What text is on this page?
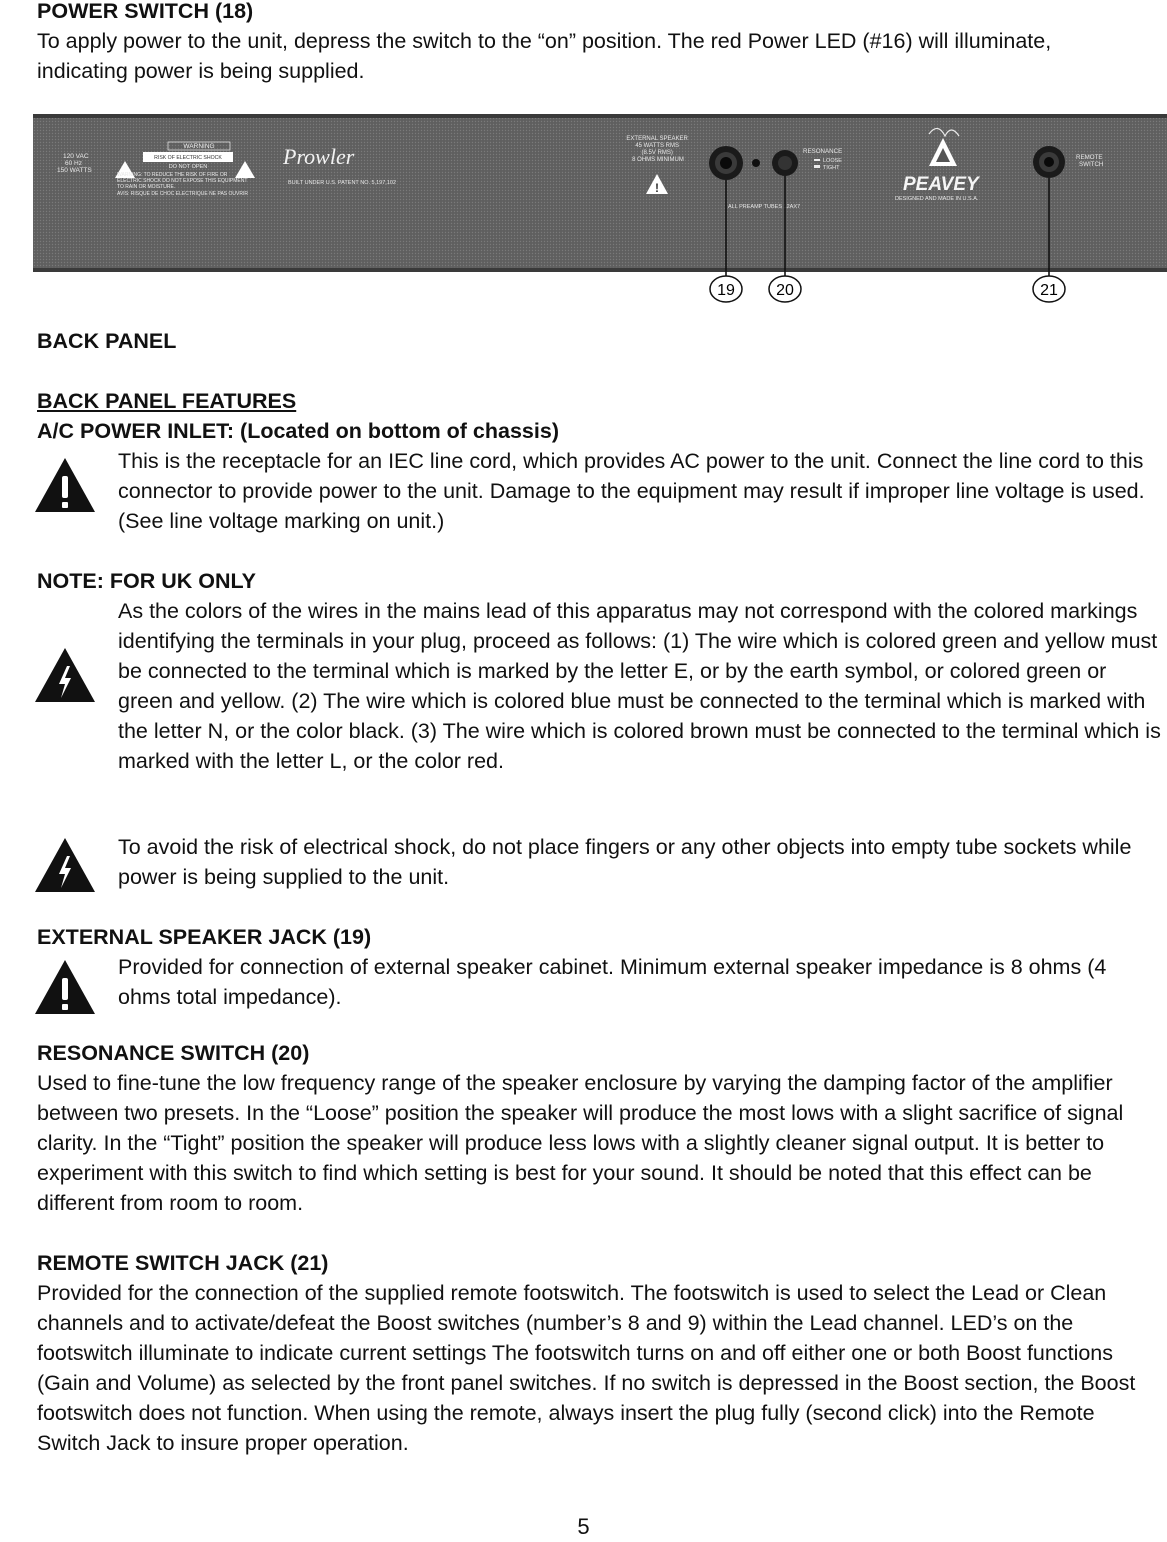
POWER SWITCH (18)

To apply power to the unit, depress the switch to the “on” position. The red Power LED (#16) will illuminate, indicating power is being supplied.

120 VAC 60 Hz 150 WATTS
WARNING
RISK OF ELECTRIC SHOCK
DO NOT OPEN
WARNING: TO REDUCE THE RISK OF FIRE OR ELECTRIC SHOCK DO NOT EXPOSE THIS EQUIPMENT TO RAIN OR MOISTURE.
AVIS: RISQUE DE CHOC ELECTRIQUE NE PAS OUVRIR
Prowler
BUILT UNDER U.S. PATENT NO. 5,197,102
EXTERNAL SPEAKER 45 WATTS RMS (8.5V RMS) 8 OHMS MINIMUM
!
ALL PREAMP TUBES 12AX7
RESONANCE
LOOSE
TIGHT
PEAVEY
DESIGNED AND MADE IN U.S.A.
REMOTE SWITCH
19	20	21

BACK PANEL

BACK PANEL FEATURES

A/C POWER INLET: (Located on bottom of chassis)

This is the receptacle for an IEC line cord, which provides AC power to the unit. Connect the line cord to this connector to provide power to the unit. Damage to the equipment may result if improper line voltage is used. (See line voltage marking on unit.)

NOTE: FOR UK ONLY

As the colors of the wires in the mains lead of this apparatus may not correspond with the colored markings identifying the terminals in your plug, proceed as follows: (1) The wire which is colored green and yellow must be connected to the terminal which is marked by the letter E, or by the earth symbol, or colored green or green and yellow. (2) The wire which is colored blue must be connected to the terminal which is marked with the letter N, or the color black. (3) The wire which is colored brown must be connected to the terminal which is marked with the letter L, or the color red.

To avoid the risk of electrical shock, do not place fingers or any other objects into empty tube sockets while power is being supplied to the unit.

EXTERNAL SPEAKER JACK (19)

Provided for connection of external speaker cabinet. Minimum external speaker impedance is 8 ohms (4 ohms total impedance).

RESONANCE SWITCH (20)

Used to fine-tune the low frequency range of the speaker enclosure by varying the damping factor of the amplifier between two presets. In the “Loose” position the speaker will produce the most lows with a slight sacrifice of signal clarity. In the “Tight” position the speaker will produce less lows with a slightly cleaner signal output. It is better to experiment with this switch to find which setting is best for your sound. It should be noted that this effect can be different from room to room.

REMOTE SWITCH JACK (21)

Provided for the connection of the supplied remote footswitch. The footswitch is used to select the Lead or Clean channels and to activate/defeat the Boost switches (number’s 8 and 9) within the Lead channel. LED’s on the footswitch illuminate to indicate current settings The footswitch turns on and off either one or both Boost functions (Gain and Volume) as selected by the front panel switches. If no switch is depressed in the Boost section, the Boost footswitch does not function. When using the remote, always insert the plug fully (second click) into the Remote Switch Jack to insure proper operation.

5
